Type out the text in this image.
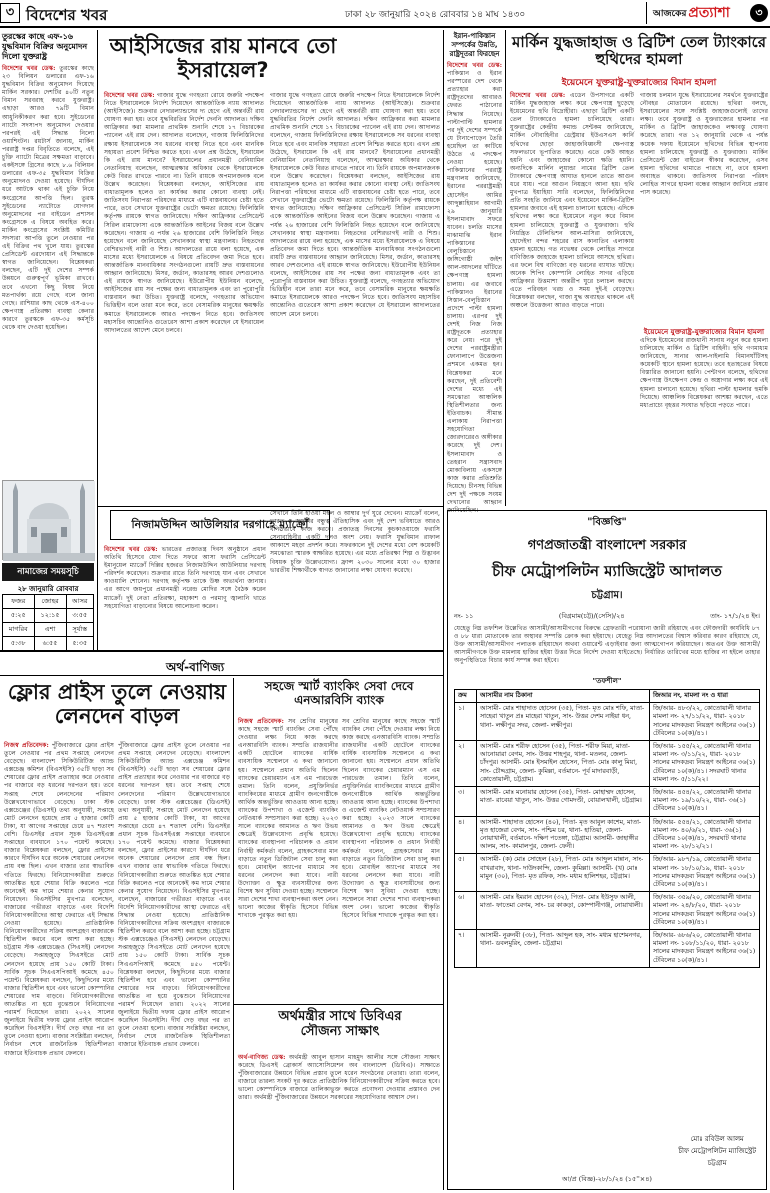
৩ বিদেশের খবর	ঢাকা ২৮ জানুয়ারি ২০২৪ রোববার ১৪ মাঘ ১৪৩০	আজকের প্রত্যাশা	৩
তুরস্কের কাছে এফ-১৬ যুদ্ধবিমান বিক্রির অনুমোদন দিলো যুক্তরাষ্ট্র
বিদেশের খবর ডেস্ক: তুরস্কের কাছে ২৩ বিলিয়ন ডলারের এফ-১৬ যুদ্ধবিমান বিক্রির অনুমোদন দিয়েছে মার্কিন সরকার। দেশটির ৪০টি নতুন বিমান সরবরাহ করবে যুক্তরাষ্ট্র। এছাড়া আরও ৭৯টি বিমান আধুনিকীকরণ করা হবে। সুইডেনের ন্যাটো সদস্যপদ অনুমোদন দেওয়ার পরপরই এই সিদ্ধান্ত নিলো ওয়াশিংটন। রয়টার্স জানায়, মার্কিন পররাষ্ট্র দপ্তর বিবৃতিতে বলেছে, এই চুক্তি ন্যাটো মিত্রের সক্ষমতা বাড়াবে। একইসঙ্গে গ্রিসের কাছে ৮.৬ বিলিয়ন ডলারের এফ-৩৫ যুদ্ধবিমান বিক্রির অনুমোদনও দেওয়া হয়েছে। দীর্ঘদিন ধরে আটকে থাকা এই চুক্তি নিয়ে কংগ্রেসের আপত্তি ছিল। তুরস্ক সুইডেনের ন্যাটোতে যোগদান অনুমোদনের পর বাইডেন প্রশাসন কংগ্রেসকে এ বিষয়ে অবহিত করে। মার্কিন কংগ্রেসের সংশ্লিষ্ট কমিটির সদস্যরা আপত্তি তুলে নেওয়ার পর এই বিক্রির পথ খুলে যায়। তুরস্কের প্রেসিডেন্ট এরদোয়ান এই সিদ্ধান্তকে স্বাগত জানিয়েছেন। বিশ্লেষকরা বলছেন, এটি দুই দেশের সম্পর্ক উন্নয়নে গুরুত্বপূর্ণ ভূমিকা রাখবে। তবে এখনো কিছু বিষয় নিয়ে মতপার্থক্য রয়ে গেছে বলে জানা গেছে। রাশিয়ার কাছ থেকে এস-৪০০ ক্ষেপণাস্ত্র প্রতিরক্ষা ব্যবস্থা কেনার কারণে তুরস্ককে এফ-৩৫ কর্মসূচি থেকে বাদ দেওয়া হয়েছিল।
নামাজের সময়সূচি
২৮ জানুয়ারি রোববার
ফজর	জোহর	আসর
৫:২৫	১২:১৫	৩:৫৫
মাগরিব	এশা	সূর্যাস্ত
৫:৩৮	৬:৫৫	৫:৩৫
আইসিজের রায় মানবে তো ইসরায়েল?
বিদেশের খবর ডেস্ক: গাজার যুদ্ধে গণহত্যা রোধে জরুরি পদক্ষেপ নিতে ইসরায়েলকে নির্দেশ দিয়েছেন আন্তর্জাতিক ন্যায় আদালত (আইসিজে)। শুক্রবার নেদারল্যান্ডসের দ্য হেগে এই অন্তর্বর্তী রায় ঘোষণা করা হয়। তবে যুদ্ধবিরতির নির্দেশ দেননি আদালত। দক্ষিণ আফ্রিকার করা মামলার প্রাথমিক শুনানি শেষে ১৭ বিচারকের প্যানেল এই রায় দেন। আদালত বলেছেন, গাজায় ফিলিস্তিনিদের রক্ষায় ইসরায়েলকে সব ধরনের ব্যবস্থা নিতে হবে এবং মানবিক সহায়তা প্রবেশ নিশ্চিত করতে হবে। এখন প্রশ্ন উঠেছে, ইসরায়েল কি এই রায় মানবে? ইসরায়েলের প্রধানমন্ত্রী বেনিয়ামিন নেতানিয়াহু বলেছেন, আত্মরক্ষার অধিকার থেকে ইসরায়েলকে কেউ বিরত রাখতে পারবে না। তিনি রায়কে অপমানজনক বলে উল্লেখ করেছেন। বিশ্লেষকরা বলছেন, আইসিজের রায় বাধ্যতামূলক হলেও তা কার্যকর করার কোনো ব্যবস্থা নেই। জাতিসংঘ নিরাপত্তা পরিষদের মাধ্যমে এটি বাস্তবায়নের চেষ্টা হতে পারে, তবে সেখানে যুক্তরাষ্ট্রের ভেটো ক্ষমতা রয়েছে। ফিলিস্তিনি কর্তৃপক্ষ রায়কে স্বাগত জানিয়েছে। দক্ষিণ আফ্রিকার প্রেসিডেন্ট সিরিল রামাফোসা একে আন্তর্জাতিক আইনের বিজয় বলে উল্লেখ করেছেন। গাজায় এ পর্যন্ত ২৬ হাজারের বেশি ফিলিস্তিনি নিহত হয়েছেন বলে জানিয়েছে সেখানকার স্বাস্থ্য মন্ত্রণালয়। নিহতদের বেশিরভাগই নারী ও শিশু। আদালতের রায়ে বলা হয়েছে, এক মাসের মধ্যে ইসরায়েলকে এ বিষয়ে প্রতিবেদন জমা দিতে হবে। আন্তর্জাতিক মানবাধিকার সংগঠনগুলো রায়টি দ্রুত বাস্তবায়নের আহ্বান জানিয়েছে। মিসর, জর্ডান, কাতারসহ আরব দেশগুলোও এই রায়কে স্বাগত জানিয়েছে। ইউরোপীয় ইউনিয়ন বলেছে, আইসিজের রায় সব পক্ষের জন্য বাধ্যতামূলক এবং তা পুরোপুরি বাস্তবায়ন করা উচিত। যুক্তরাষ্ট্র বলেছে, গণহত্যার অভিযোগ ভিত্তিহীন বলে তারা মনে করে, তবে বেসামরিক মানুষের ক্ষয়ক্ষতি কমাতে ইসরায়েলকে আরও পদক্ষেপ নিতে হবে। জাতিসংঘ মহাসচিব আন্তোনিও গুতেরেস আশা প্রকাশ করেছেন যে ইসরায়েল আদালতের আদেশ মেনে চলবে।
গাজার যুদ্ধে গণহত্যা রোধে জরুরি পদক্ষেপ নিতে ইসরায়েলকে নির্দেশ দিয়েছেন আন্তর্জাতিক ন্যায় আদালত (আইসিজে)। শুক্রবার নেদারল্যান্ডসের দ্য হেগে এই অন্তর্বর্তী রায় ঘোষণা করা হয়। তবে যুদ্ধবিরতির নির্দেশ দেননি আদালত। দক্ষিণ আফ্রিকার করা মামলার প্রাথমিক শুনানি শেষে ১৭ বিচারকের প্যানেল এই রায় দেন। আদালত বলেছেন, গাজায় ফিলিস্তিনিদের রক্ষায় ইসরায়েলকে সব ধরনের ব্যবস্থা নিতে হবে এবং মানবিক সহায়তা প্রবেশ নিশ্চিত করতে হবে। এখন প্রশ্ন উঠেছে, ইসরায়েল কি এই রায় মানবে? ইসরায়েলের প্রধানমন্ত্রী বেনিয়ামিন নেতানিয়াহু বলেছেন, আত্মরক্ষার অধিকার থেকে ইসরায়েলকে কেউ বিরত রাখতে পারবে না। তিনি রায়কে অপমানজনক বলে উল্লেখ করেছেন। বিশ্লেষকরা বলছেন, আইসিজের রায় বাধ্যতামূলক হলেও তা কার্যকর করার কোনো ব্যবস্থা নেই। জাতিসংঘ নিরাপত্তা পরিষদের মাধ্যমে এটি বাস্তবায়নের চেষ্টা হতে পারে, তবে সেখানে যুক্তরাষ্ট্রের ভেটো ক্ষমতা রয়েছে। ফিলিস্তিনি কর্তৃপক্ষ রায়কে স্বাগত জানিয়েছে। দক্ষিণ আফ্রিকার প্রেসিডেন্ট সিরিল রামাফোসা একে আন্তর্জাতিক আইনের বিজয় বলে উল্লেখ করেছেন। গাজায় এ পর্যন্ত ২৬ হাজারের বেশি ফিলিস্তিনি নিহত হয়েছেন বলে জানিয়েছে সেখানকার স্বাস্থ্য মন্ত্রণালয়। নিহতদের বেশিরভাগই নারী ও শিশু। আদালতের রায়ে বলা হয়েছে, এক মাসের মধ্যে ইসরায়েলকে এ বিষয়ে প্রতিবেদন জমা দিতে হবে। আন্তর্জাতিক মানবাধিকার সংগঠনগুলো রায়টি দ্রুত বাস্তবায়নের আহ্বান জানিয়েছে। মিসর, জর্ডান, কাতারসহ আরব দেশগুলোও এই রায়কে স্বাগত জানিয়েছে। ইউরোপীয় ইউনিয়ন বলেছে, আইসিজের রায় সব পক্ষের জন্য বাধ্যতামূলক এবং তা পুরোপুরি বাস্তবায়ন করা উচিত। যুক্তরাষ্ট্র বলেছে, গণহত্যার অভিযোগ ভিত্তিহীন বলে তারা মনে করে, তবে বেসামরিক মানুষের ক্ষয়ক্ষতি কমাতে ইসরায়েলকে আরও পদক্ষেপ নিতে হবে। জাতিসংঘ মহাসচিব আন্তোনিও গুতেরেস আশা প্রকাশ করেছেন যে ইসরায়েল আদালতের আদেশ মেনে চলবে।
ইরান-পাকিস্তান সম্পর্কের উন্নতি, রাষ্ট্রদূতরা ফিরছেন
বিদেশের খবর ডেস্ক: পাকিস্তান ও ইরান পরস্পরের দেশ থেকে প্রত্যাহার করা রাষ্ট্রদূতদের আবারও ফেরত পাঠানোর সিদ্ধান্ত নিয়েছে। পাল্টাপাল্টি হামলার পর দুই দেশের সম্পর্কে যে টানাপোড়েন তৈরি হয়েছিল তা কাটিয়ে উঠতে এ পদক্ষেপ নেওয়া হয়েছে। পাকিস্তানের পররাষ্ট্র মন্ত্রণালয় জানিয়েছে, ইরানের পররাষ্ট্রমন্ত্রী হোসেইন আমির আব্দুল্লাহিয়ান আগামী ২৯ জানুয়ারি ইসলামাবাদ সফরে যাবেন। চলতি মাসের মাঝামাঝি ইরান পাকিস্তানের বেলুচিস্তানে জঙ্গিগোষ্ঠী জইশ আল-আদলের ঘাঁটিতে ক্ষেপণাস্ত্র হামলা চালায়। এর জবাবে পাকিস্তানও ইরানের সিস্তান-বেলুচিস্তান প্রদেশে পাল্টা হামলা চালায়। এরপর দুই দেশই নিজ নিজ রাষ্ট্রদূতকে প্রত্যাহার করে নেয়। পরে দুই দেশের পররাষ্ট্রমন্ত্রীরা ফোনালাপে উত্তেজনা প্রশমনে একমত হন। বিশ্লেষকরা মনে করছেন, দুই প্রতিবেশী দেশের মধ্যে এই সমঝোতা আঞ্চলিক স্থিতিশীলতার জন্য ইতিবাচক। সীমান্ত এলাকায় নিরাপত্তা সহযোগিতা জোরদারেরও অঙ্গীকার করেছে দুই দেশ। ইসলামাবাদ ও তেহরান সন্ত্রাসবাদ মোকাবিলায় একসঙ্গে কাজ করার প্রতিশ্রুতি দিয়েছে। চীনসহ বিভিন্ন দেশ দুই পক্ষকে সংযম দেখানোর আহ্বান জানিয়েছিল।
মার্কিন যুদ্ধজাহাজ ও ব্রিটিশ তেল ট্যাংকারে হুথিদের হামলা
ইয়েমেনে যুক্তরাষ্ট্র-যুক্তরাজ্যের বিমান হামলা
বিদেশের খবর ডেস্ক: এডেন উপসাগরে একটি মার্কিন যুদ্ধজাহাজ লক্ষ্য করে ক্ষেপণাস্ত্র ছুড়েছে ইয়েমেনের হুথি বিদ্রোহীরা। এছাড়া ব্রিটিশ একটি তেল ট্যাংকারেও হামলা চালিয়েছে তারা। যুক্তরাষ্ট্রের কেন্দ্রীয় কমান্ড সেন্টকম জানিয়েছে, মার্কিন নৌবাহিনীর ডেস্ট্রয়ার ইউএসএস কার্নি হুথিদের ছোড়া জাহাজবিধ্বংসী ক্ষেপণাস্ত্র সফলভাবে ভূপাতিত করেছে। এতে কেউ আহত হয়নি এবং জাহাজের কোনো ক্ষতি হয়নি। অন্যদিকে মার্লিন লুয়ান্ডা নামের ব্রিটিশ তেল ট্যাংকারে ক্ষেপণাস্ত্র আঘাত হানলে তাতে আগুন ধরে যায়। পরে আগুন নিয়ন্ত্রণে আনা হয়। হুথি মুখপাত্র ইয়াহিয়া সারি বলেছেন, ফিলিস্তিনিদের প্রতি সংহতি জানিয়ে এবং ইয়েমেনে মার্কিন-ব্রিটিশ হামলার জবাবে এই হামলা চালানো হয়েছে। এদিকে হুথিদের লক্ষ্য করে ইয়েমেনে নতুন করে বিমান হামলা চালিয়েছে যুক্তরাষ্ট্র ও যুক্তরাজ্য। হুথি নিয়ন্ত্রিত টেলিভিশন আল-মাসিরা জানিয়েছে, হোদেইদা বন্দর শহরের রাস কানাতিব এলাকায় হামলা হয়েছে। গত নভেম্বর থেকে লোহিত সাগরে বাণিজ্যিক জাহাজে হামলা চালিয়ে আসছে হুথিরা। এর ফলে বিশ্ব বাণিজ্যে বড় ধরনের ব্যাঘাত ঘটছে। অনেক শিপিং কোম্পানি লোহিত সাগর এড়িয়ে আফ্রিকার উত্তমাশা অন্তরীপ ঘুরে চলাচল করছে। এতে পরিবহন খরচ ও সময় দুই-ই বেড়েছে। বিশ্লেষকরা বলছেন, গাজা যুদ্ধ অব্যাহত থাকলে এই অঞ্চলে উত্তেজনা আরও বাড়তে পারে।
গাজায় চলমান যুদ্ধে ইসরায়েলের সমর্থনে যুক্তরাষ্ট্রের নৌবহর মোতায়েন রয়েছে। হুথিরা বলছে, ইসরায়েলের সঙ্গে সংশ্লিষ্ট জাহাজগুলোই তাদের লক্ষ্য। তবে যুক্তরাষ্ট্র ও যুক্তরাজ্যের হামলার পর মার্কিন ও ব্রিটিশ জাহাজকেও লক্ষ্যবস্তু ঘোষণা করেছে তারা। গত ১২ জানুয়ারি থেকে এ পর্যন্ত কয়েক দফায় ইয়েমেনে হুথিদের বিভিন্ন স্থাপনায় হামলা চালিয়েছে যুক্তরাষ্ট্র ও যুক্তরাজ্য। মার্কিন প্রেসিডেন্ট জো বাইডেন স্বীকার করেছেন, এসব হামলা হুথিদের থামাতে পারছে না, তবে হামলা অব্যাহত থাকবে। জাতিসংঘ নিরাপত্তা পরিষদ লোহিত সাগরে হামলা বন্ধের আহ্বান জানিয়ে প্রস্তাব পাস করেছে।
ইয়েমেনে যুক্তরাষ্ট্র-যুক্তরাজ্যের বিমান হামলা
এদিকে ইয়েমেনের রাজধানী সানায় নতুন করে হামলা চালিয়েছে মার্কিন ও ব্রিটিশ বাহিনী। হুথি গণমাধ্যম জানিয়েছে, সানার আল-দাইলামি বিমানঘাঁটিসহ কয়েকটি স্থানে হামলা হয়েছে। তবে হতাহতের বিষয়ে বিস্তারিত জানানো হয়নি। পেন্টাগন বলেছে, হুথিদের ক্ষেপণাস্ত্র উৎক্ষেপণ কেন্দ্র ও অস্ত্রাগার লক্ষ্য করে এই হামলা চালানো হয়েছে। হুথিরা পাল্টা হামলার হুমকি দিয়েছে। আঞ্চলিক বিশ্লেষকরা আশঙ্কা করছেন, এতে মধ্যপ্রাচ্যে বৃহত্তর সংঘাত ছড়িয়ে পড়তে পারে।
নিজামউদ্দিন আউলিয়ার দরগাহে ম্যাক্রোঁ
বিদেশের খবর ডেস্ক: ভারতের প্রজাতন্ত্র দিবস অনুষ্ঠানে প্রধান অতিথি হিসেবে যোগ দিতে সফরে আসা ফরাসি প্রেসিডেন্ট ইমানুয়েল ম্যাক্রোঁ দিল্লির হজরত নিজামউদ্দিন আউলিয়ার দরগাহ পরিদর্শন করেছেন। শুক্রবার রাতে তিনি দরগাহে যান এবং সেখানে কাওয়ালি শোনেন। দরগাহ কর্তৃপক্ষ তাকে উষ্ণ অভ্যর্থনা জানায়। এর আগে জয়পুরে প্রধানমন্ত্রী নরেন্দ্র মোদির সঙ্গে বৈঠক করেন ম্যাক্রোঁ। দুই নেতা প্রতিরক্ষা, মহাকাশ ও পরমাণু জ্বালানি খাতে সহযোগিতা বাড়ানোর বিষয়ে আলোচনা করেন।
সেখানে তিনি হাওয়া মহল ও আম্বার দুর্গ ঘুরে দেখেন। ম্যাক্রোঁ বলেন, ভারত ও ফ্রান্সের বন্ধুত্ব ঐতিহাসিক এবং দুই দেশ ভবিষ্যতে আরও ঘনিষ্ঠভাবে কাজ করবে। প্রজাতন্ত্র দিবসের কুচকাওয়াজে ফরাসি সেনাবাহিনীর একটি দলও অংশ নেয়। ফরাসি যুদ্ধবিমান রাফাল আকাশে মহড়া প্রদর্শন করে। সফরকালে দুই দেশের মধ্যে বেশ কয়েকটি সমঝোতা স্মারক স্বাক্ষরিত হয়েছে। এর মধ্যে প্রতিরক্ষা শিল্প ও উদ্ভাবন বিষয়ক চুক্তি উল্লেখযোগ্য। ফ্রান্স ২০৩০ সালের মধ্যে ৩০ হাজার ভারতীয় শিক্ষার্থীকে স্বাগত জানানোর লক্ষ্য ঘোষণা করেছে।
অর্থ-বাণিজ্য
ফ্লোর প্রাইস তুলে নেওয়ায় লেনদেন বাড়ল
নিজস্ব প্রতিবেদক: পুঁজিবাজারে ফ্লোর প্রাইস তুলে নেওয়ার পর প্রথম সপ্তাহে লেনদেন বেড়েছে। বাংলাদেশ সিকিউরিটিজ অ্যান্ড এক্সচেঞ্জ কমিশন (বিএসইসি) ৩৫টি ছাড়া সব শেয়ারের ফ্লোর প্রাইস প্রত্যাহার করে নেওয়ার পর বাজারে বড় ধরনের দরপতন হয়। তবে সপ্তাহ শেষে লেনদেনের পরিমাণ উল্লেখযোগ্যভাবে বেড়েছে। ঢাকা স্টক এক্সচেঞ্জের (ডিএসই) তথ্য অনুযায়ী, সপ্তাহে মোট লেনদেন হয়েছে প্রায় ৫ হাজার কোটি টাকা, যা আগের সপ্তাহের চেয়ে ৪৭ শতাংশ বেশি। ডিএসইর প্রধান সূচক ডিএসইএক্স সপ্তাহের ব্যবধানে ১৭০ পয়েন্ট কমেছে। বাজার বিশ্লেষকরা বলছেন, ফ্লোর প্রাইসের কারণে দীর্ঘদিন ধরে অনেক শেয়ারের লেনদেন প্রায় বন্ধ ছিল। এখন বাজার তার স্বাভাবিক গতিতে ফিরছে। বিনিয়োগকারীরা শুরুতে আতঙ্কিত হয়ে শেয়ার বিক্রি করলেও পরে অনেকেই কম দামে শেয়ার কেনার সুযোগ নিয়েছেন। বিএসইসির মুখপাত্র বলেছেন, বাজারের গভীরতা বাড়াতে এবং বিদেশি বিনিয়োগকারীদের আস্থা ফেরাতে এই সিদ্ধান্ত নেওয়া হয়েছে। প্রাতিষ্ঠানিক বিনিয়োগকারীদের সক্রিয় অংশগ্রহণ বাজারকে স্থিতিশীল করবে বলে আশা করা হচ্ছে। চট্টগ্রাম স্টক এক্সচেঞ্জেও (সিএসই) লেনদেন বেড়েছে। সপ্তাহজুড়ে সিএসইতে মোট লেনদেন হয়েছে প্রায় ১৫০ কোটি টাকা। সার্বিক সূচক সিএএসপিআই কমেছে ৪৫০ পয়েন্ট। বিশ্লেষকরা বলছেন, কিছুদিনের মধ্যে বাজার স্থিতিশীল হবে এবং ভালো কোম্পানির শেয়ারের দাম বাড়বে। বিনিয়োগকারীদের আতঙ্কিত না হয়ে বুঝেশুনে বিনিয়োগের পরামর্শ দিয়েছেন তারা। ২০২২ সালের জুলাইয়ে দ্বিতীয় দফায় ফ্লোর প্রাইস আরোপ করেছিল বিএসইসি। দীর্ঘ দেড় বছর পর তা তুলে নেওয়া হলো। বাজার সংশ্লিষ্টরা বলছেন, নির্বাচন শেষে রাজনৈতিক স্থিতিশীলতা বাজারে ইতিবাচক প্রভাব ফেলবে।
পুঁজিবাজারে ফ্লোর প্রাইস তুলে নেওয়ার পর প্রথম সপ্তাহে লেনদেন বেড়েছে। বাংলাদেশ সিকিউরিটিজ অ্যান্ড এক্সচেঞ্জ কমিশন (বিএসইসি) ৩৫টি ছাড়া সব শেয়ারের ফ্লোর প্রাইস প্রত্যাহার করে নেওয়ার পর বাজারে বড় ধরনের দরপতন হয়। তবে সপ্তাহ শেষে লেনদেনের পরিমাণ উল্লেখযোগ্যভাবে বেড়েছে। ঢাকা স্টক এক্সচেঞ্জের (ডিএসই) তথ্য অনুযায়ী, সপ্তাহে মোট লেনদেন হয়েছে প্রায় ৫ হাজার কোটি টাকা, যা আগের সপ্তাহের চেয়ে ৪৭ শতাংশ বেশি। ডিএসইর প্রধান সূচক ডিএসইএক্স সপ্তাহের ব্যবধানে ১৭০ পয়েন্ট কমেছে। বাজার বিশ্লেষকরা বলছেন, ফ্লোর প্রাইসের কারণে দীর্ঘদিন ধরে অনেক শেয়ারের লেনদেন প্রায় বন্ধ ছিল। এখন বাজার তার স্বাভাবিক গতিতে ফিরছে। বিনিয়োগকারীরা শুরুতে আতঙ্কিত হয়ে শেয়ার বিক্রি করলেও পরে অনেকেই কম দামে শেয়ার কেনার সুযোগ নিয়েছেন। বিএসইসির মুখপাত্র বলেছেন, বাজারের গভীরতা বাড়াতে এবং বিদেশি বিনিয়োগকারীদের আস্থা ফেরাতে এই সিদ্ধান্ত নেওয়া হয়েছে। প্রাতিষ্ঠানিক বিনিয়োগকারীদের সক্রিয় অংশগ্রহণ বাজারকে স্থিতিশীল করবে বলে আশা করা হচ্ছে। চট্টগ্রাম স্টক এক্সচেঞ্জেও (সিএসই) লেনদেন বেড়েছে। সপ্তাহজুড়ে সিএসইতে মোট লেনদেন হয়েছে প্রায় ১৫০ কোটি টাকা। সার্বিক সূচক সিএএসপিআই কমেছে ৪৫০ পয়েন্ট। বিশ্লেষকরা বলছেন, কিছুদিনের মধ্যে বাজার স্থিতিশীল হবে এবং ভালো কোম্পানির শেয়ারের দাম বাড়বে। বিনিয়োগকারীদের আতঙ্কিত না হয়ে বুঝেশুনে বিনিয়োগের পরামর্শ দিয়েছেন তারা। ২০২২ সালের জুলাইয়ে দ্বিতীয় দফায় ফ্লোর প্রাইস আরোপ করেছিল বিএসইসি। দীর্ঘ দেড় বছর পর তা তুলে নেওয়া হলো। বাজার সংশ্লিষ্টরা বলছেন, নির্বাচন শেষে রাজনৈতিক স্থিতিশীলতা বাজারে ইতিবাচক প্রভাব ফেলবে।
সহজে স্মার্ট ব্যাংকিং সেবা দেবে এনআরবিসি ব্যাংক
নিজস্ব প্রতিবেদক: সব শ্রেণির মানুষের কাছে সহজে স্মার্ট ব্যাংকিং সেবা পৌঁছে দেওয়ার লক্ষ্য নিয়ে কাজ করছে এনআরবিসি ব্যাংক। সম্প্রতি রাজধানীর একটি হোটেলে ব্যাংকের বার্ষিক ব্যবসায়িক সম্মেলনে এ কথা জানানো হয়। সম্মেলনে প্রধান অতিথি ছিলেন ব্যাংকের চেয়ারম্যান এস এম পারভেজ তমাল। তিনি বলেন, প্রযুক্তিনির্ভর ব্যাংকিংয়ের মাধ্যমে গ্রামীণ জনগোষ্ঠীকে আর্থিক অন্তর্ভুক্তির আওতায় আনা হচ্ছে। ব্যাংকের উপশাখা ও এজেন্ট ব্যাংকিং নেটওয়ার্ক সম্প্রসারণ করা হচ্ছে। ২০২৩ সালে ব্যাংকের আমানত ও ঋণ উভয় ক্ষেত্রেই উল্লেখযোগ্য প্রবৃদ্ধি হয়েছে। ব্যাংকের ব্যবস্থাপনা পরিচালক ও প্রধান নির্বাহী কর্মকর্তা বলেন, গ্রাহকসেবার মান বাড়াতে নতুন ডিজিটাল সেবা চালু করা হবে। মোবাইল অ্যাপের মাধ্যমে সব ধরনের লেনদেন করা যাবে। নারী উদ্যোক্তা ও ক্ষুদ্র ব্যবসায়ীদের জন্য বিশেষ ঋণ সুবিধা দেওয়া হচ্ছে। সম্মেলনে সারা দেশের শাখা ব্যবস্থাপকরা অংশ নেন। ভালো কাজের স্বীকৃতি হিসেবে বিভিন্ন শাখাকে পুরস্কৃত করা হয়।
সব শ্রেণির মানুষের কাছে সহজে স্মার্ট ব্যাংকিং সেবা পৌঁছে দেওয়ার লক্ষ্য নিয়ে কাজ করছে এনআরবিসি ব্যাংক। সম্প্রতি রাজধানীর একটি হোটেলে ব্যাংকের বার্ষিক ব্যবসায়িক সম্মেলনে এ কথা জানানো হয়। সম্মেলনে প্রধান অতিথি ছিলেন ব্যাংকের চেয়ারম্যান এস এম পারভেজ তমাল। তিনি বলেন, প্রযুক্তিনির্ভর ব্যাংকিংয়ের মাধ্যমে গ্রামীণ জনগোষ্ঠীকে আর্থিক অন্তর্ভুক্তির আওতায় আনা হচ্ছে। ব্যাংকের উপশাখা ও এজেন্ট ব্যাংকিং নেটওয়ার্ক সম্প্রসারণ করা হচ্ছে। ২০২৩ সালে ব্যাংকের আমানত ও ঋণ উভয় ক্ষেত্রেই উল্লেখযোগ্য প্রবৃদ্ধি হয়েছে। ব্যাংকের ব্যবস্থাপনা পরিচালক ও প্রধান নির্বাহী কর্মকর্তা বলেন, গ্রাহকসেবার মান বাড়াতে নতুন ডিজিটাল সেবা চালু করা হবে। মোবাইল অ্যাপের মাধ্যমে সব ধরনের লেনদেন করা যাবে। নারী উদ্যোক্তা ও ক্ষুদ্র ব্যবসায়ীদের জন্য বিশেষ ঋণ সুবিধা দেওয়া হচ্ছে। সম্মেলনে সারা দেশের শাখা ব্যবস্থাপকরা অংশ নেন। ভালো কাজের স্বীকৃতি হিসেবে বিভিন্ন শাখাকে পুরস্কৃত করা হয়।
অর্থমন্ত্রীর সাথে ডিবিএর সৌজন্য সাক্ষাৎ
অর্থ-বাণিজ্য ডেস্ক: অর্থমন্ত্রী আবুল হাসান মাহমুদ আলীর সঙ্গে সৌজন্য সাক্ষাৎ করেছে ডিএসই ব্রোকার্স অ্যাসোসিয়েশন অব বাংলাদেশ (ডিবিএ)। সাক্ষাতে পুঁজিবাজারের উন্নয়নে বিভিন্ন প্রস্তাব তুলে ধরেন সংগঠনের নেতারা। তারা বলেন, বাজারে তারল্য সংকট দূর করতে প্রাতিষ্ঠানিক বিনিয়োগকারীদের সক্রিয় করতে হবে। ভালো কোম্পানিকে বাজারে তালিকাভুক্ত করতে প্রণোদনা দেওয়ার প্রস্তাবও দেন তারা। অর্থমন্ত্রী পুঁজিবাজারের উন্নয়নে সরকারের সহযোগিতার আশ্বাস দেন।
"বিজ্ঞপ্তি"
গণপ্রজাতন্ত্রী বাংলাদেশ সরকার
চীফ মেট্রোপলিটন ম্যাজিস্ট্রেট আদালত
চট্টগ্রাম।
নং- ১১	(বিগ্রমাম(চট্ট)/(সেসি)/২৪	তাং- ১৭/১/২৪ ইং।
যেহেতু নিম্ন তফশিল উল্লেখিত আসামী/আসামীগণের বিরুদ্ধে গ্রেফতারী পরোয়ানা জারী রহিয়াছে এবং ফৌজদারী কার্যবিধি ৮৭ ও ৮৮ ধারা মোতাবেক তার অস্থাবর সম্পত্তি ক্রোক করা হইয়াছে। যেহেতু নিম্ন আদালতের বিশ্বাস করিবার কারণ রহিয়াছে যে, উক্ত আসামী/আসামীগণ পলাতক রহিয়াছেন অথবা ওয়ারেন্ট এড়াইবার জন্য আত্মগোপন করিয়াছেন। অতএব উক্ত আসামী/আসামীগণকে উক্ত মামলায় হাজির হইয়া উত্তর দিতে নির্দেশ দেওয়া যাইতেছে। নির্ধারিত তারিখের মধ্যে হাজির না হইলে তাহার অনুপস্থিতিতে বিচার কার্য সম্পন্ন করা হইবে।
"তফশীল"
ক্রম	আসামীর নাম ঠিকানা	জিআর নং, মামলা নং ও ধারা
১।	আসামী- মোঃ শাহাদাত হোসেন (৩৫), পিতা- মৃত মোঃ শফি, মাতা- সাহেরা খাতুন প্রঃ মাহেরা খাতুন, সাং- উত্তর দেশম নাইয়া ধন, থানা- লক্ষীপুর সদর, জেলা- লক্ষীপুর।	জি/আর- ৪৮৩/২২, কোতোয়ালী থানার মামলা নং- ২৭/১১/২২, ধারা- ২০১৮ সালের মাদকদ্রব্য নিয়ন্ত্রণ আইনের ৩৬(১) টেবিলের ১০(ক)/৪১।
২।	আসামী- মোঃ শরীফ হোসেন (৩৫), পিতা- শরীফ মিয়া, মাতা- আনোয়ারা বেগম, সাং- উত্তর শাহপুর, থানা- মতলব, জেলা- চাঁদপুর। আসামী- মোঃ ইসমাইল হোসেন, পিতা- মোঃ কালু মিয়া, সাং- চৌদ্দগ্রাম, জেলা- কুমিল্লা, বর্তমানে- পূর্ব মাদারবাড়ী, কোতোয়ালী, চট্টগ্রাম।	জি/আর- ১৫৫/২২, কোতোয়ালী থানার মামলা নং- ৩/১১/২২, ধারা- ২০১৮ সালের মাদকদ্রব্য নিয়ন্ত্রণ আইনের ৩৬(১) টেবিলের ১০(ক)/৪১। সদরঘাট থানার মামলা নং- ৫/১১/২২।
৩।	আসামী- মোঃ মনোয়ার হোসেন (৩৫), পিতা- মোহাম্মদ হোসেন, মাতা- রাবেয়া খাতুন, সাং- উত্তর গোমদণ্ডী, বোয়ালখালী, চট্টগ্রাম।	জি/আর- ৪৫৪/২২, কোতোয়ালী থানার মামলা নং- ১৯/১০/২২, ধারা- ৩৬(১) টেবিলের ১০(ক)/৪১।
৪।	আসামী- শাহাদাত হোসেন (৪০), পিতা- মৃত আবুল কাশেম, মাতা- মৃত হাজেরা বেগম, সাং- পশ্চিম চর, থানা- হাতিয়া, জেলা- নোয়াখালী, বর্তমানে- দক্ষিণ পতেঙ্গা, চট্টগ্রাম। আসামী- জাহাঙ্গীর আলম, সাং- কামালপুর, জেলা- ফেনী।	জি/আর- ৫৫৪/২১, কোতোয়ালী থানার মামলা নং- ৪০/৬/২১, ধারা- ৩৬(১) টেবিলের ১০(ক)/৪১, সদরঘাট থানার মামলা নং- ২৮/১২/২১।
৫।	আসামী- (ক) মোঃ সোহেল (২৮), পিতা- মোঃ আব্দুল মান্নান, সাং- বাখরাবাদ, থানা- দাউদকান্দি, জেলা- কুমিল্লা। আসামী- (খ) মোঃ মামুন (৩০), পিতা- মৃত রফিক, সাং- মধ্যম হালিশহর, চট্টগ্রাম।	জি/আর- ৯৮৭/১৯, কোতোয়ালী থানার মামলা নং- ১৮/১০/১৯, ধারা- ২০১৮ সালের মাদকদ্রব্য নিয়ন্ত্রণ আইনের ৩৬(১) টেবিলের ১০(ক)/৪১।
৬।	আসামী- মোঃ ইমরান হোসেন (৩২), পিতা- মোঃ ইউসুফ আলী, মাতা- ফাতেমা বেগম, সাং- চর কাকড়া, কোম্পানীগঞ্জ, নোয়াখালী।	জি/আর- ৩৫৯/২০, কোতোয়ালী থানার মামলা নং- ২৪/৮/২০, ধারা- ২০১৮ সালের মাদকদ্রব্য নিয়ন্ত্রণ আইনের ৩৬(১) টেবিলের ১০(ক)/৪১।
৭।	আসামী- নুরুনবী (৩৮), পিতা- আব্দুল হক, সাং- মধ্যম হাশেমনগর, থানা- ডবলমুরিং, জেলা- চট্টগ্রাম।	জি/আর- ৬৮৬/২০, কোতোয়ালী থানার মামলা নং- ১০৮/১১/২০, ধারা- ২০১৮ সালের মাদকদ্রব্য নিয়ন্ত্রণ আইনের ৩৬(১) টেবিলের ১০(ক)/৪১।
মোঃ রবিউল আলম
চীফ মেট্রোপলিটন ম্যাজিস্ট্রেট
চট্টগ্রাম
আ/প্র (বিজ্ঞ)-২৮/১/২৪ (১৫''×৪)
